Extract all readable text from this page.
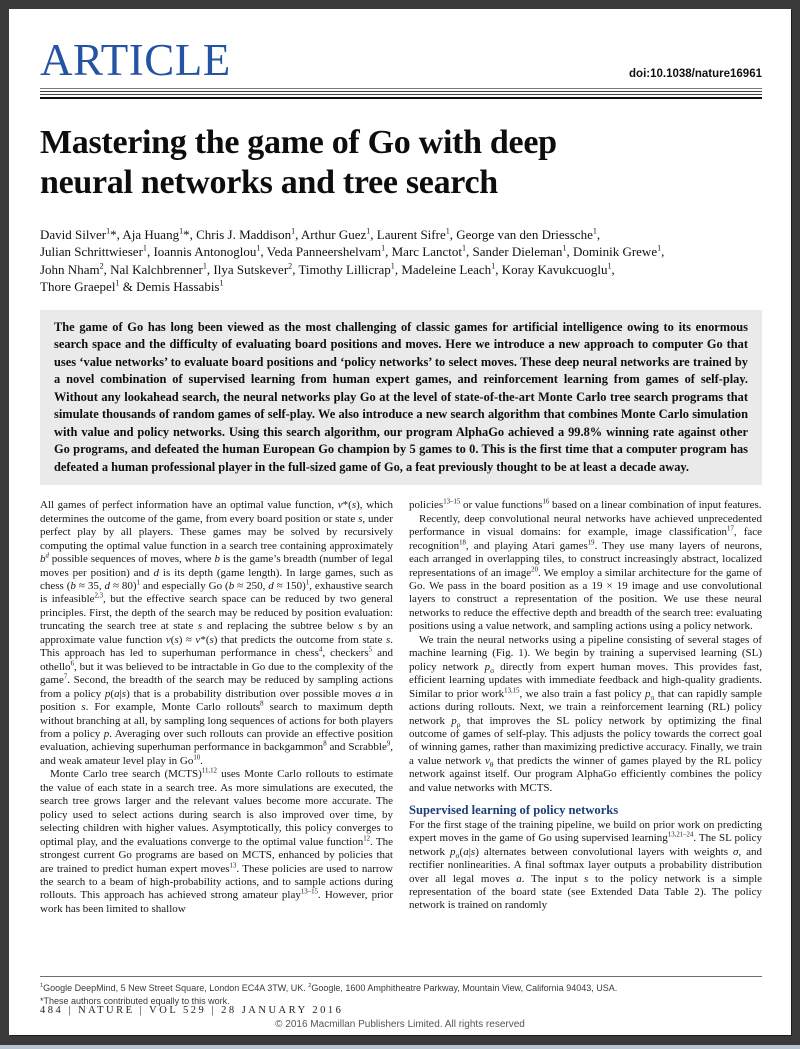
ARTICLE	doi:10.1038/nature16961
Mastering the game of Go with deep
neural networks and tree search
David Silver$^1$*, Aja Huang$^1$*, Chris J. Maddison$^1$, Arthur Guez$^1$, Laurent Sifre$^1$, George van den Driessche$^1$,
Julian Schrittwieser$^1$, Ioannis Antonoglou$^1$, Veda Panneershelvam$^1$, Marc Lanctot$^1$, Sander Dieleman$^1$, Dominik Grewe$^1$,
John Nham$^2$, Nal Kalchbrenner$^1$, Ilya Sutskever$^2$, Timothy Lillicrap$^1$, Madeleine Leach$^1$, Koray Kavukcuoglu$^1$,
Thore Graepel$^1$ & Demis Hassabis$^1$
The game of Go has long been viewed as the most challenging of classic games for artificial intelligence owing to its enormous search space and the difficulty of evaluating board positions and moves. Here we introduce a new approach to computer Go that uses ‘value networks’ to evaluate board positions and ‘policy networks’ to select moves. These deep neural networks are trained by a novel combination of supervised learning from human expert games, and reinforcement learning from games of self-play. Without any lookahead search, the neural networks play Go at the level of state-of-the-art Monte Carlo tree search programs that simulate thousands of random games of self-play. We also introduce a new search algorithm that combines Monte Carlo simulation with value and policy networks. Using this search algorithm, our program AlphaGo achieved a 99.8% winning rate against other Go programs, and defeated the human European Go champion by 5 games to 0. This is the first time that a computer program has defeated a human professional player in the full-sized game of Go, a feat previously thought to be at least a decade away.

All games of perfect information have an optimal value function, v*(s), which determines the outcome of the game, from every board position or state s, under perfect play by all players. These games may be solved by recursively computing the optimal value function in a search tree containing approximately $b^d$ possible sequences of moves, where b is the game’s breadth (number of legal moves per position) and d is its depth (game length). In large games, such as chess (b ≈ 35, d ≈ 80)$^1$ and especially Go (b ≈ 250, d ≈ 150)$^1$, exhaustive search is infeasible$^{2,3}$, but the effective search space can be reduced by two general principles. First, the depth of the search may be reduced by position evaluation: truncating the search tree at state s and replacing the subtree below s by an approximate value function v(s) ≈ v*(s) that predicts the outcome from state s. This approach has led to superhuman performance in chess$^4$, checkers$^5$ and othello$^6$, but it was believed to be intractable in Go due to the complexity of the game$^7$. Second, the breadth of the search may be reduced by sampling actions from a policy p(a|s) that is a probability distribution over possible moves a in position s. For example, Monte Carlo rollouts$^8$ search to maximum depth without branching at all, by sampling long sequences of actions for both players from a policy p. Averaging over such rollouts can provide an effective position evaluation, achieving superhuman performance in backgammon$^8$ and Scrabble$^9$, and weak amateur level play in Go$^{10}$.

Monte Carlo tree search (MCTS)$^{11,12}$ uses Monte Carlo rollouts to estimate the value of each state in a search tree. As more simulations are executed, the search tree grows larger and the relevant values become more accurate. The policy used to select actions during search is also improved over time, by selecting children with higher values. Asymptotically, this policy converges to optimal play, and the evaluations converge to the optimal value function$^{12}$. The strongest current Go programs are based on MCTS, enhanced by policies that are trained to predict human expert moves$^{13}$. These policies are used to narrow the search to a beam of high-probability actions, and to sample actions during rollouts. This approach has achieved strong amateur play$^{13-15}$. However, prior work has been limited to shallow

policies$^{13-15}$ or value functions$^{16}$ based on a linear combination of input features.

Recently, deep convolutional neural networks have achieved unprecedented performance in visual domains: for example, image classification$^{17}$, face recognition$^{18}$, and playing Atari games$^{19}$. They use many layers of neurons, each arranged in overlapping tiles, to construct increasingly abstract, localized representations of an image$^{20}$. We employ a similar architecture for the game of Go. We pass in the board position as a 19 × 19 image and use convolutional layers to construct a representation of the position. We use these neural networks to reduce the effective depth and breadth of the search tree: evaluating positions using a value network, and sampling actions using a policy network.

We train the neural networks using a pipeline consisting of several stages of machine learning (Fig. 1). We begin by training a supervised learning (SL) policy network $p_\sigma$ directly from expert human moves. This provides fast, efficient learning updates with immediate feedback and high-quality gradients. Similar to prior work$^{13,15}$, we also train a fast policy $p_\pi$ that can rapidly sample actions during rollouts. Next, we train a reinforcement learning (RL) policy network $p_\rho$ that improves the SL policy network by optimizing the final outcome of games of self-play. This adjusts the policy towards the correct goal of winning games, rather than maximizing predictive accuracy. Finally, we train a value network $v_\theta$ that predicts the winner of games played by the RL policy network against itself. Our program AlphaGo efficiently combines the policy and value networks with MCTS.

Supervised learning of policy networks

For the first stage of the training pipeline, we build on prior work on predicting expert moves in the game of Go using supervised learning$^{13,21-24}$. The SL policy network $p_\sigma(a|s)$ alternates between convolutional layers with weights σ, and rectifier nonlinearities. A final softmax layer outputs a probability distribution over all legal moves a. The input s to the policy network is a simple representation of the board state (see Extended Data Table 2). The policy network is trained on randomly

$^1$Google DeepMind, 5 New Street Square, London EC4A 3TW, UK. $^2$Google, 1600 Amphitheatre Parkway, Mountain View, California 94043, USA.
*These authors contributed equally to this work.
484 | NATURE | VOL 529 | 28 JANUARY 2016
© 2016 Macmillan Publishers Limited. All rights reserved
